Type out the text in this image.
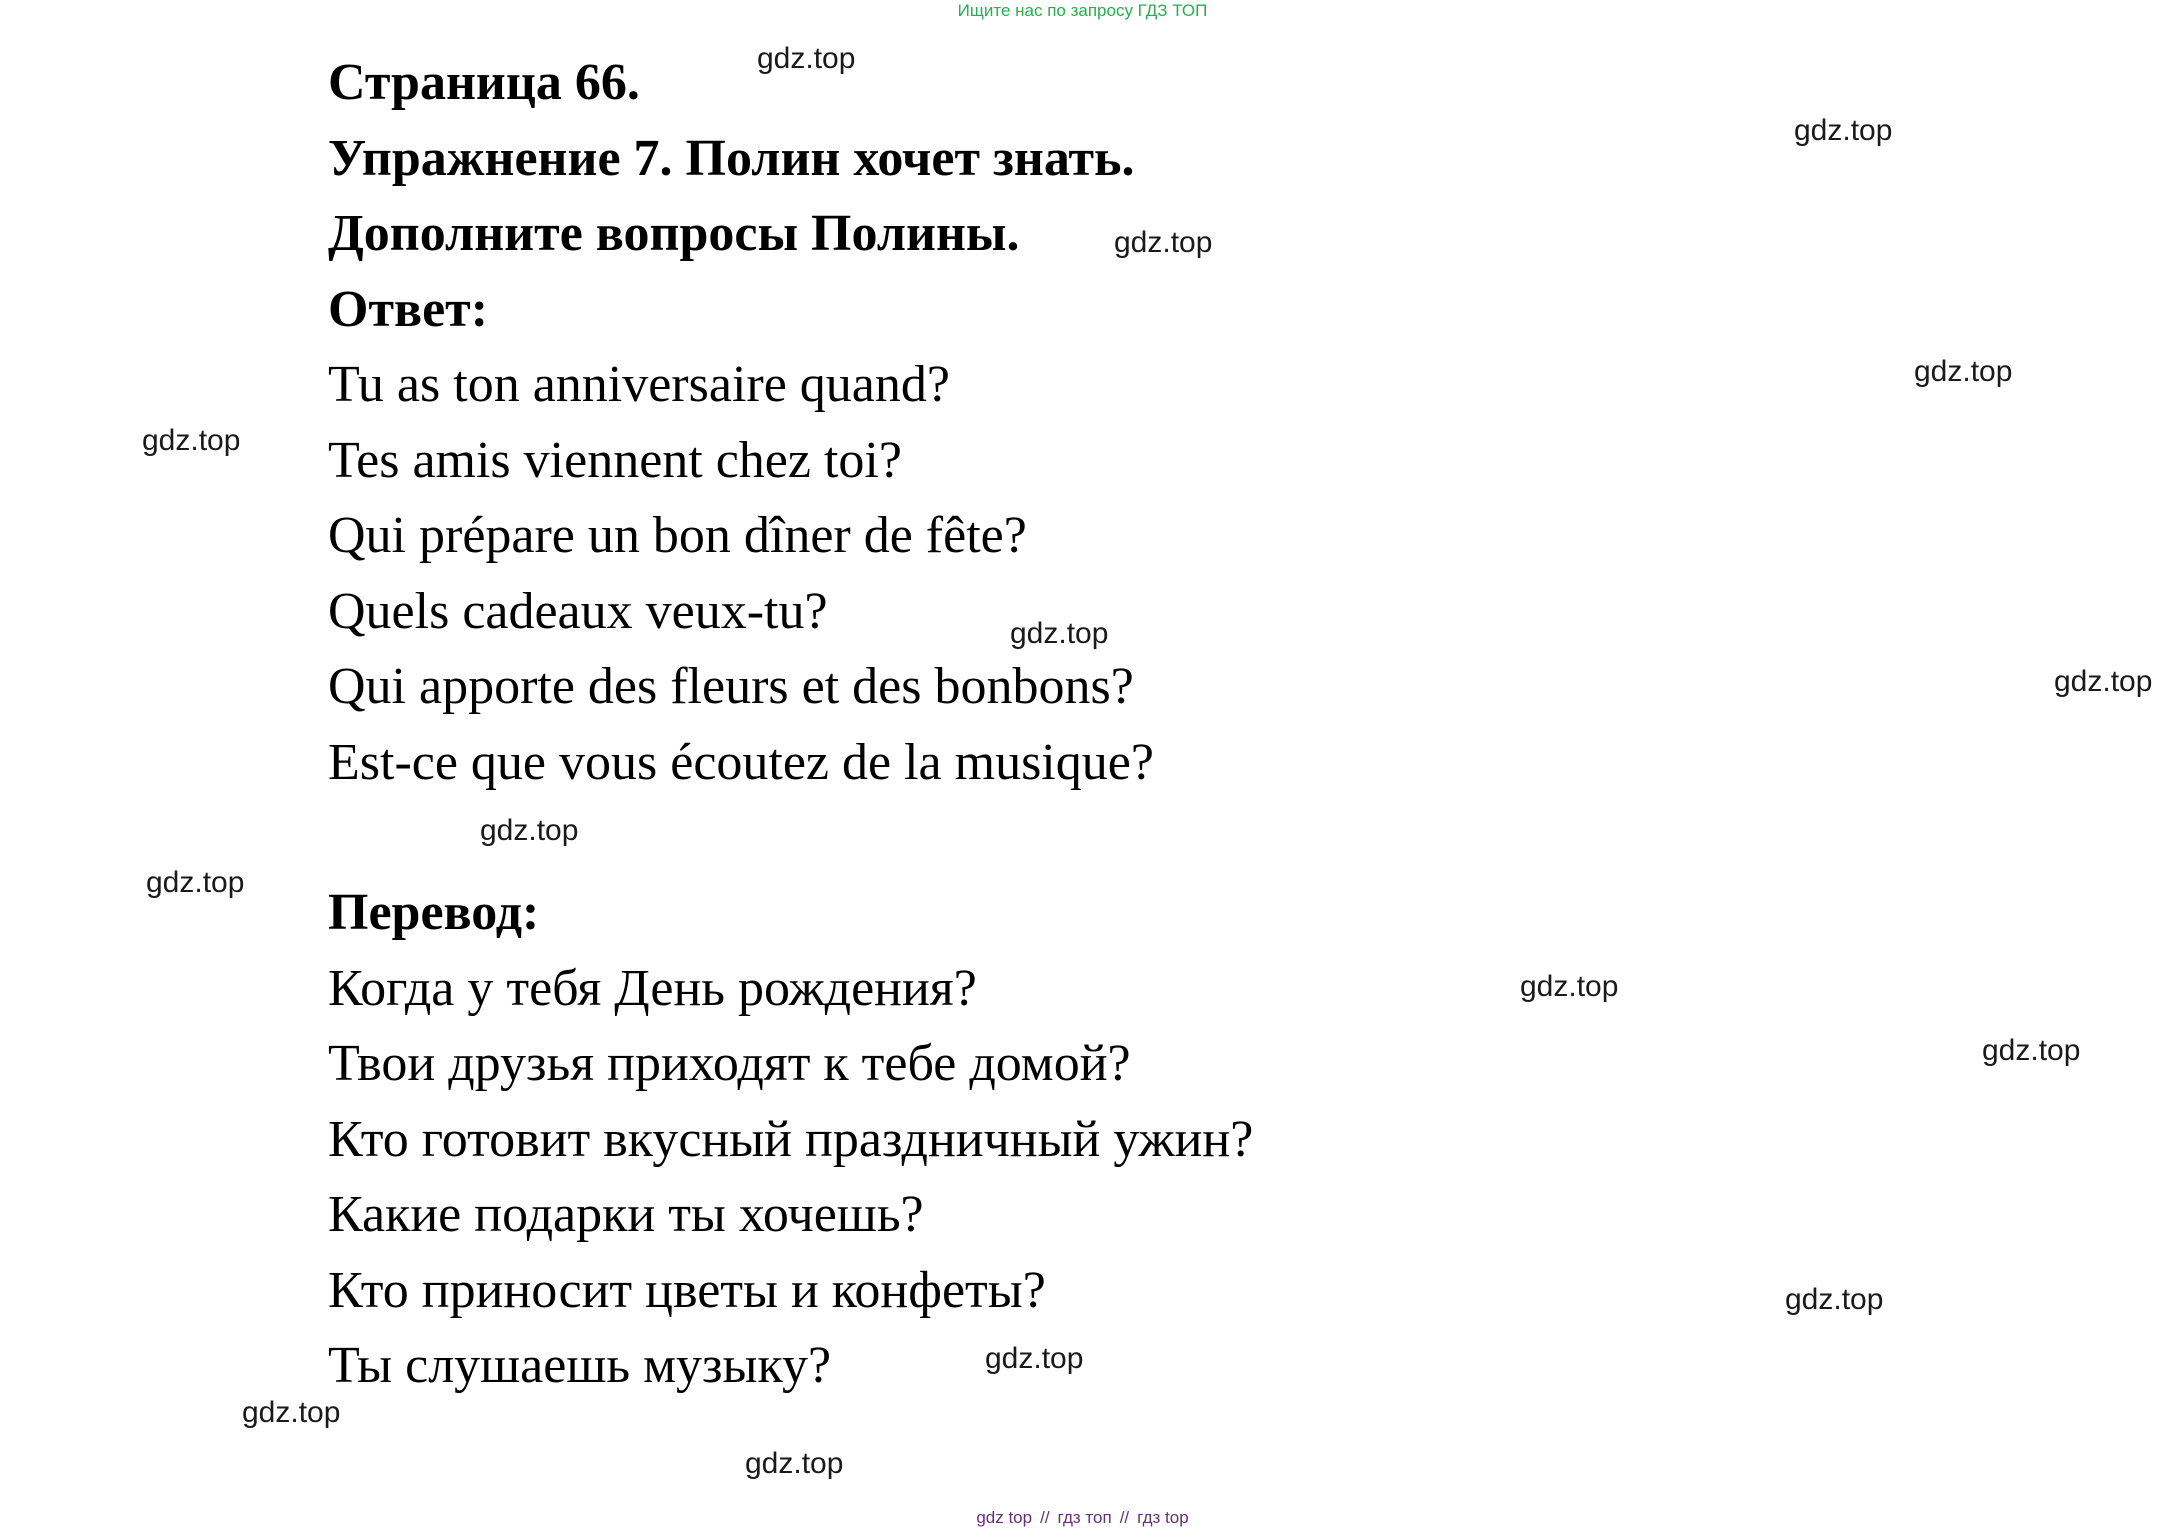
Ищите нас по запросу ГДЗ ТОП
Страница 66.
Упражнение 7. Полин хочет знать.
Дополните вопросы Полины.
Ответ:
Tu as ton anniversaire quand?
Tes amis viennent chez toi?
Qui prépare un bon dîner de fête?
Quels cadeaux veux-tu?
Qui apporte des fleurs et des bonbons?
Est-ce que vous écoutez de la musique?
Перевод:
Когда у тебя День рождения?
Твои друзья приходят к тебе домой?
Кто готовит вкусный праздничный ужин?
Какие подарки ты хочешь?
Кто приносит цветы и конфеты?
Ты слушаешь музыку?
gdz.top
gdz.top
gdz.top
gdz.top
gdz.top
gdz.top
gdz.top
gdz.top
gdz.top
gdz.top
gdz.top
gdz.top
gdz.top
gdz.top
gdz.top
gdz top // гдз топ // гдз top
